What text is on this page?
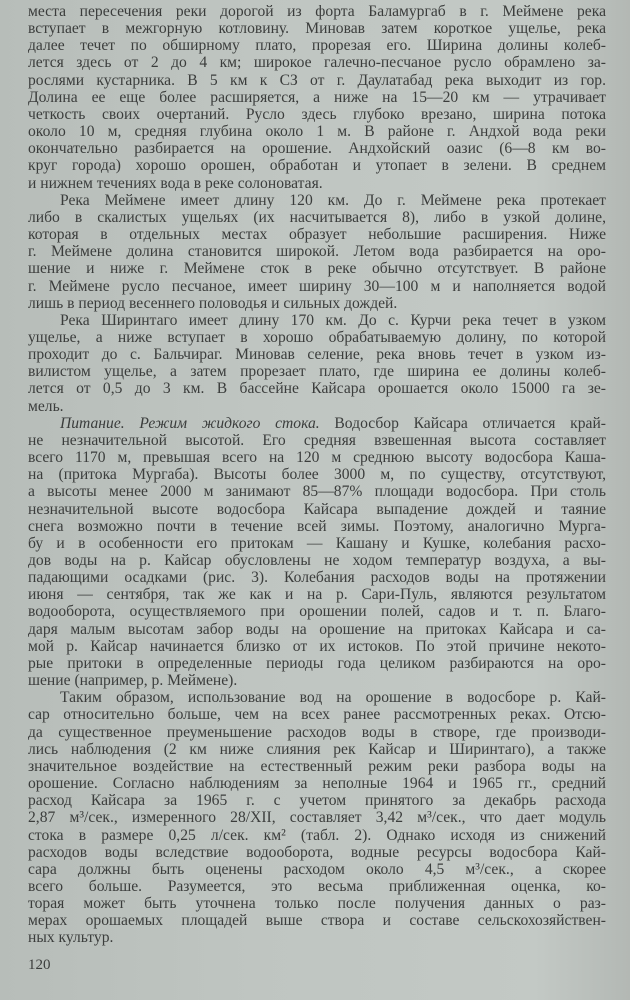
места пересечения реки дорогой из форта Баламургаб в г. Меймене река
вступает в межгорную котловину. Миновав затем короткое ущелье, река
далее течет по обширному плато, прорезая его. Ширина долины колеб-
лется здесь от 2 до 4 км; широкое галечно-песчаное русло обрамлено за-
рослями кустарника. В 5 км к СЗ от г. Даулатабад река выходит из гор.
Долина ее еще более расширяется, а ниже на 15—20 км — утрачивает
четкость своих очертаний. Русло здесь глубоко врезано, ширина потока
около 10 м, средняя глубина около 1 м. В районе г. Андхой вода реки
окончательно разбирается на орошение. Андхойский оазис (6—8 км во-
круг города) хорошо орошен, обработан и утопает в зелени. В среднем
и нижнем течениях вода в реке солоноватая.
Река Меймене имеет длину 120 км. До г. Меймене река протекает
либо в скалистых ущельях (их насчитывается 8), либо в узкой долине,
которая в отдельных местах образует небольшие расширения. Ниже
г. Меймене долина становится широкой. Летом вода разбирается на оро-
шение и ниже г. Меймене сток в реке обычно отсутствует. В районе
г. Меймене русло песчаное, имеет ширину 30—100 м и наполняется водой
лишь в период весеннего половодья и сильных дождей.
Река Ширинтаго имеет длину 170 км. До с. Курчи река течет в узком
ущелье, а ниже вступает в хорошо обрабатываемую долину, по которой
проходит до с. Бальчираг. Миновав селение, река вновь течет в узком из-
вилистом ущелье, а затем прорезает плато, где ширина ее долины колеб-
лется от 0,5 до 3 км. В бассейне Кайсара орошается около 15000 га зе-
мель.
Питание. Режим жидкого стока. Водосбор Кайсара отличается край-
не незначительной высотой. Его средняя взвешенная высота составляет
всего 1170 м, превышая всего на 120 м среднюю высоту водосбора Каша-
на (притока Мургаба). Высоты более 3000 м, по существу, отсутствуют,
а высоты менее 2000 м занимают 85—87% площади водосбора. При столь
незначительной высоте водосбора Кайсара выпадение дождей и таяние
снега возможно почти в течение всей зимы. Поэтому, аналогично Мурга-
бу и в особенности его притокам — Кашану и Кушке, колебания расхо-
дов воды на р. Кайсар обусловлены не ходом температур воздуха, а вы-
падающими осадками (рис. 3). Колебания расходов воды на протяжении
июня — сентября, так же как и на р. Сари-Пуль, являются результатом
водооборота, осуществляемого при орошении полей, садов и т. п. Благо-
даря малым высотам забор воды на орошение на притоках Кайсара и са-
мой р. Кайсар начинается близко от их истоков. По этой причине некото-
рые притоки в определенные периоды года целиком разбираются на оро-
шение (например, р. Меймене).
Таким образом, использование вод на орошение в водосборе р. Кай-
сар относительно больше, чем на всех ранее рассмотренных реках. Отсю-
да существенное преуменьшение расходов воды в створе, где производи-
лись наблюдения (2 км ниже слияния рек Кайсар и Ширинтаго), а также
значительное воздействие на естественный режим реки разбора воды на
орошение. Согласно наблюдениям за неполные 1964 и 1965 гг., средний
расход Кайсара за 1965 г. с учетом принятого за декабрь расхода
2,87 м³/сек., измеренного 28/XII, составляет 3,42 м³/сек., что дает модуль
стока в размере 0,25 л/сек. км² (табл. 2). Однако исходя из снижений
расходов воды вследствие водооборота, водные ресурсы водосбора Кай-
сара должны быть оценены расходом около 4,5 м³/сек., а скорее
всего больше. Разумеется, это весьма приближенная оценка, ко-
торая может быть уточнена только после получения данных о раз-
мерах орошаемых площадей выше створа и составе сельскохозяйствен-
ных культур.
120
